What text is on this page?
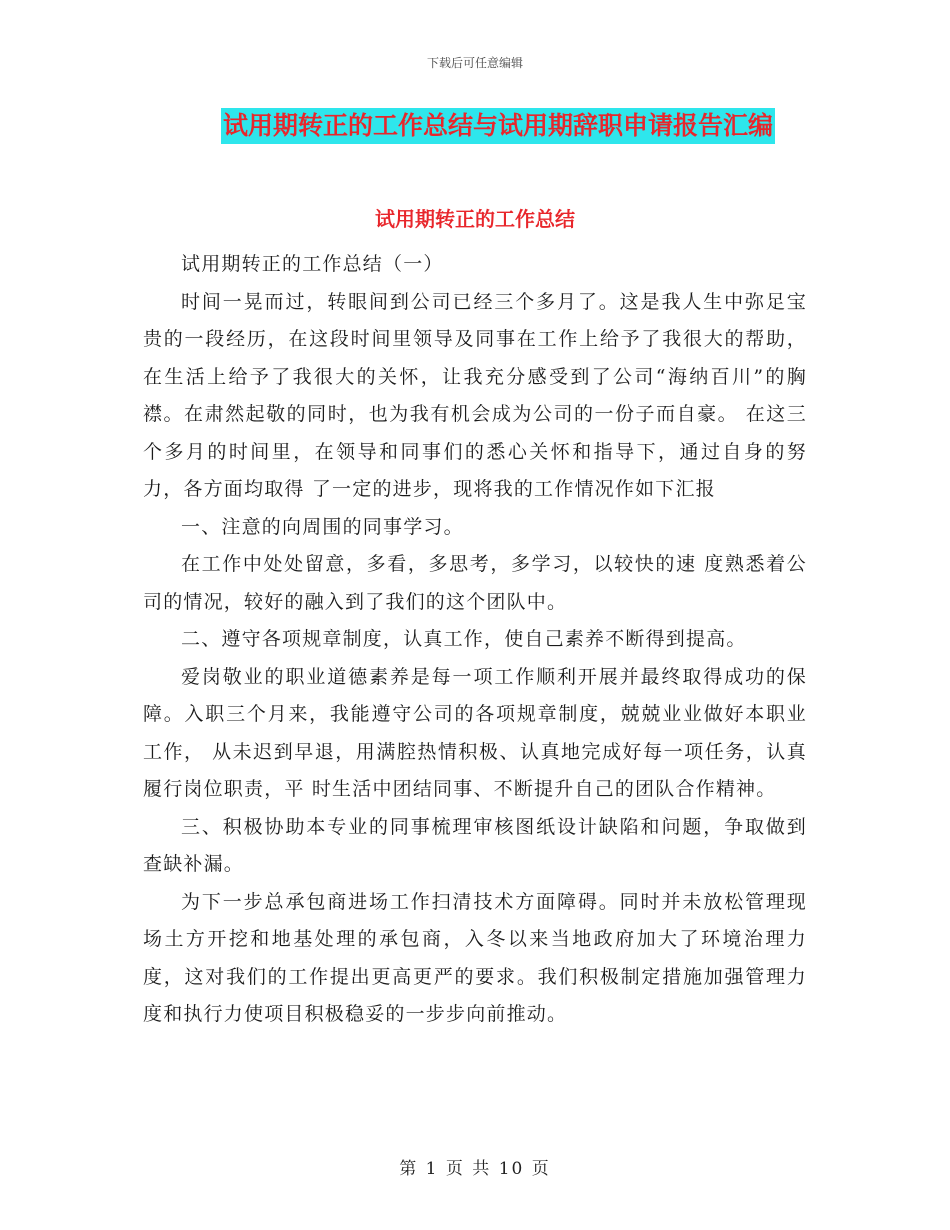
下载后可任意编辑
试用期转正的工作总结与试用期辞职申请报告汇编
试用期转正的工作总结

试用期转正的工作总结（一）

时间一晃而过，转眼间到公司已经三个多月了。这是我人生中弥足宝贵的一段经历，在这段时间里领导及同事在工作上给予了我很大的帮助，在生活上给予了我很大的关怀，让我充分感受到了公司“海纳百川”的胸襟。在肃然起敬的同时，也为我有机会成为公司的一份子而自豪。 在这三个多月的时间里，在领导和同事们的悉心关怀和指导下，通过自身的努力，各方面均取得 了一定的进步，现将我的工作情况作如下汇报

一、注意的向周围的同事学习。

在工作中处处留意，多看，多思考，多学习，以较快的速 度熟悉着公司的情况，较好的融入到了我们的这个团队中。

二、遵守各项规章制度，认真工作，使自己素养不断得到提高。

爱岗敬业的职业道德素养是每一项工作顺利开展并最终取得成功的保障。入职三个月来，我能遵守公司的各项规章制度，兢兢业业做好本职业工作， 从未迟到早退，用满腔热情积极、认真地完成好每一项任务，认真履行岗位职责，平 时生活中团结同事、不断提升自己的团队合作精神。

三、积极协助本专业的同事梳理审核图纸设计缺陷和问题，争取做到查缺补漏。

为下一步总承包商进场工作扫清技术方面障碍。同时并未放松管理现场土方开挖和地基处理的承包商，入冬以来当地政府加大了环境治理力度，这对我们的工作提出更高更严的要求。我们积极制定措施加强管理力度和执行力使项目积极稳妥的一步步向前推动。

第 1 页 共 10 页
